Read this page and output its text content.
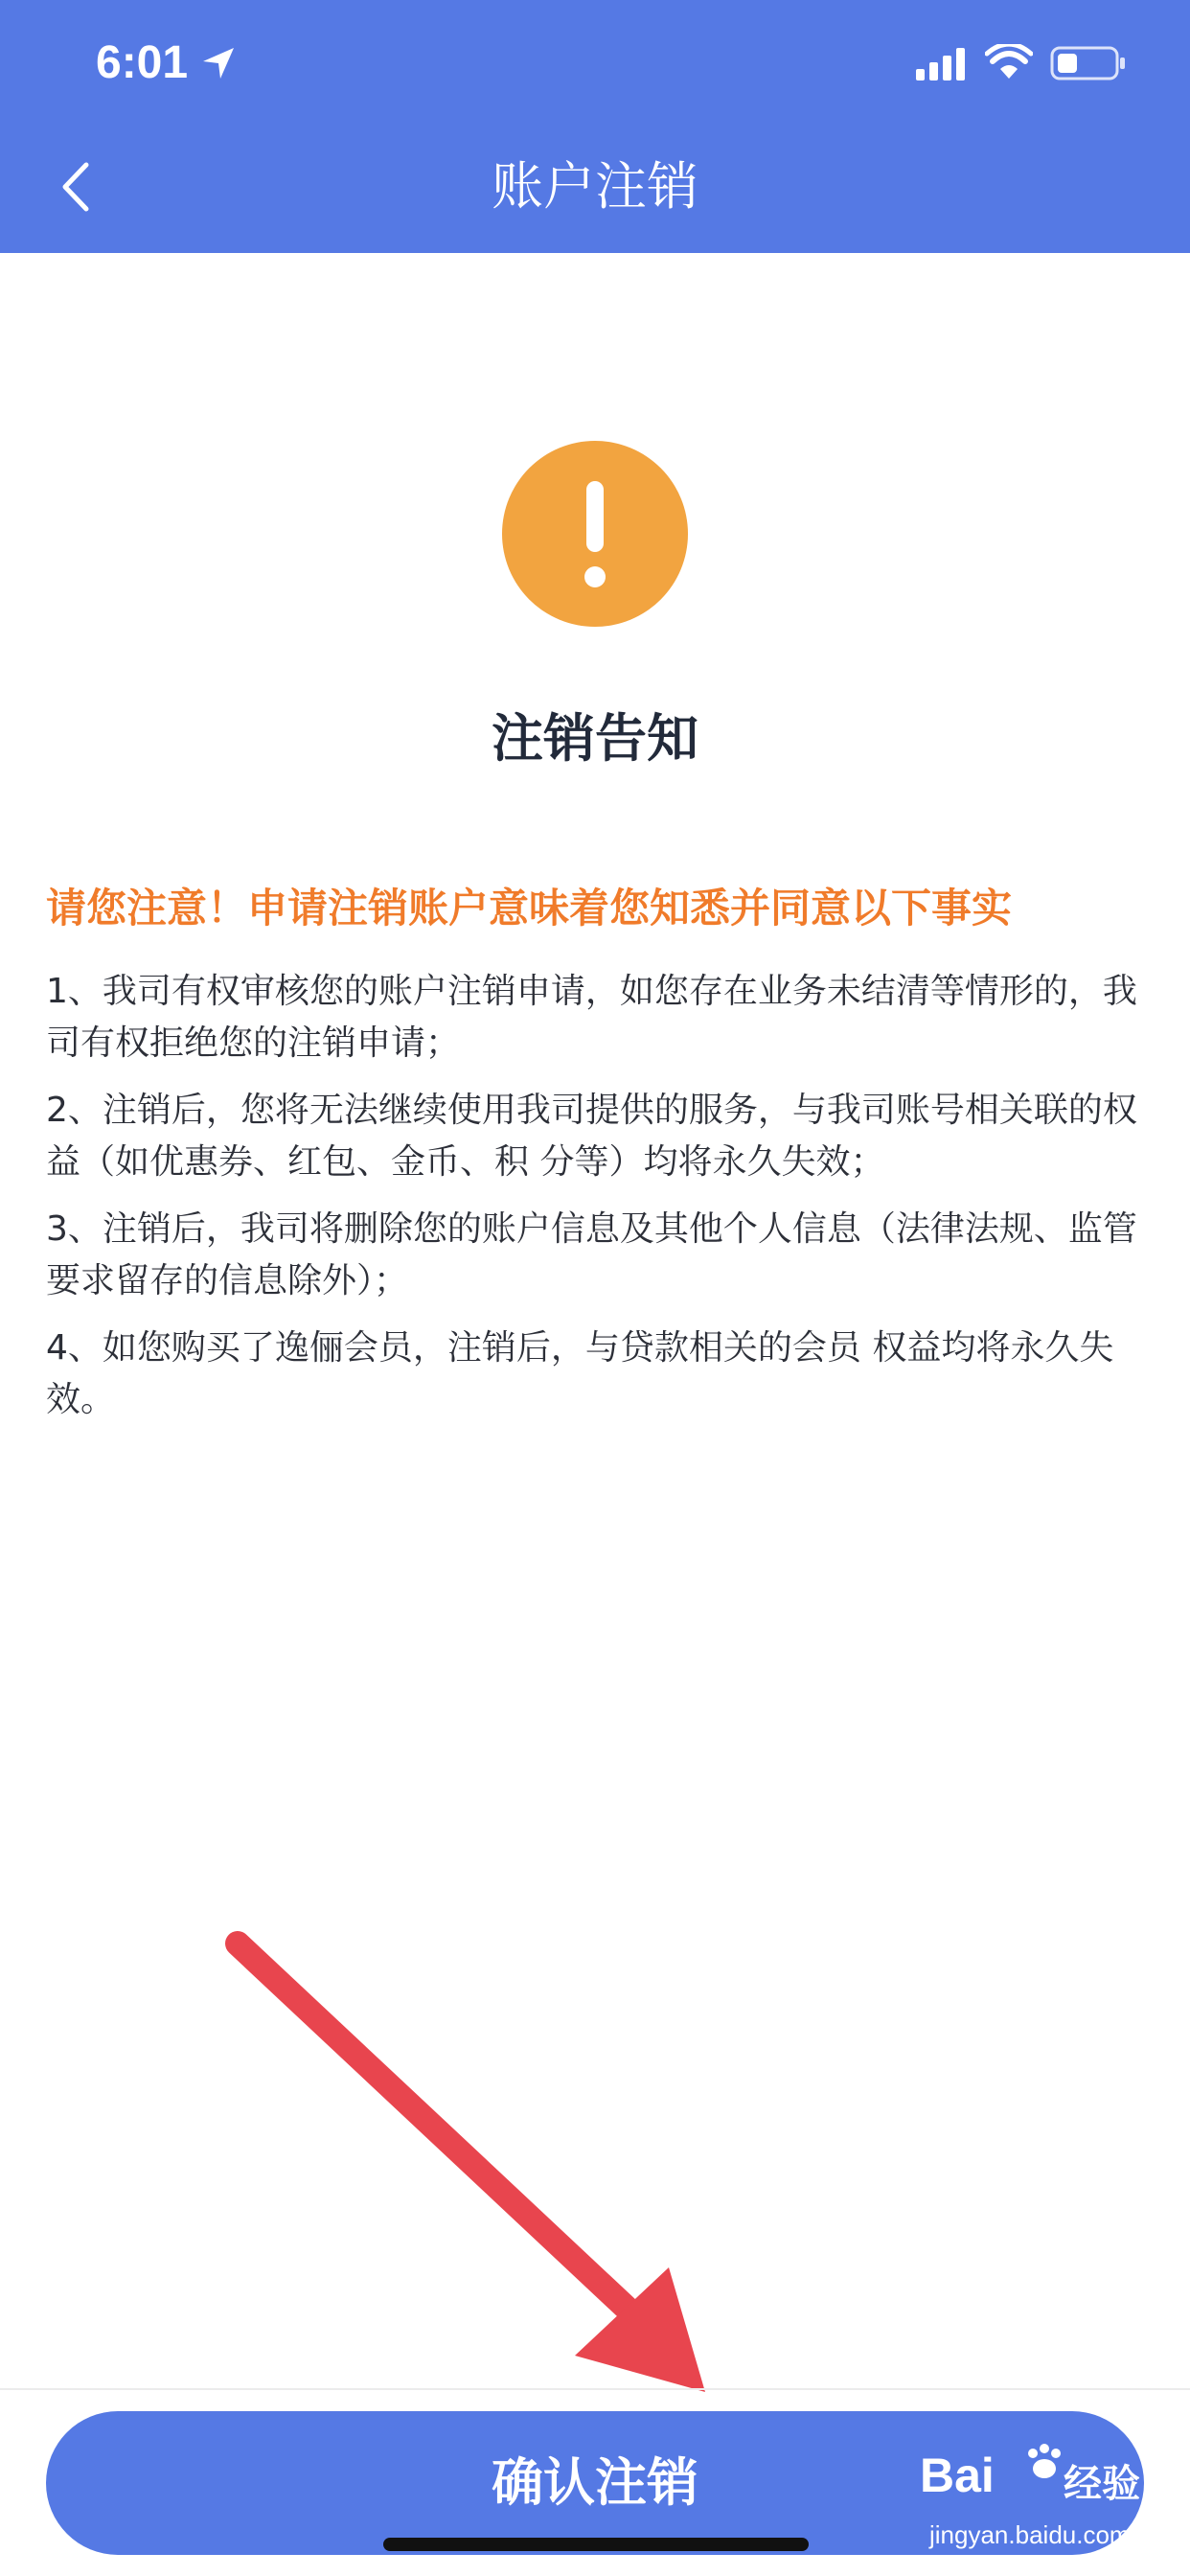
6:01
账户注销
注销告知
请您注意！申请注销账户意味着您知悉并同意以下事实

1、我司有权审核您的账户注销申请，如您存在业务未结清等情形的，我司有权拒绝您的注销申请；

2、注销后，您将无法继续使用我司提供的服务，与我司账号相关联的权益（如优惠券、红包、金币、积 分等）均将永久失效；

3、注销后，我司将删除您的账户信息及其他个人信息（法律法规、监管要求留存的信息除外）；

4、如您购买了逸俪会员，注销后，与贷款相关的会员 权益均将永久失效。

确认注销	Bai 经验
jingyan.baidu.com
